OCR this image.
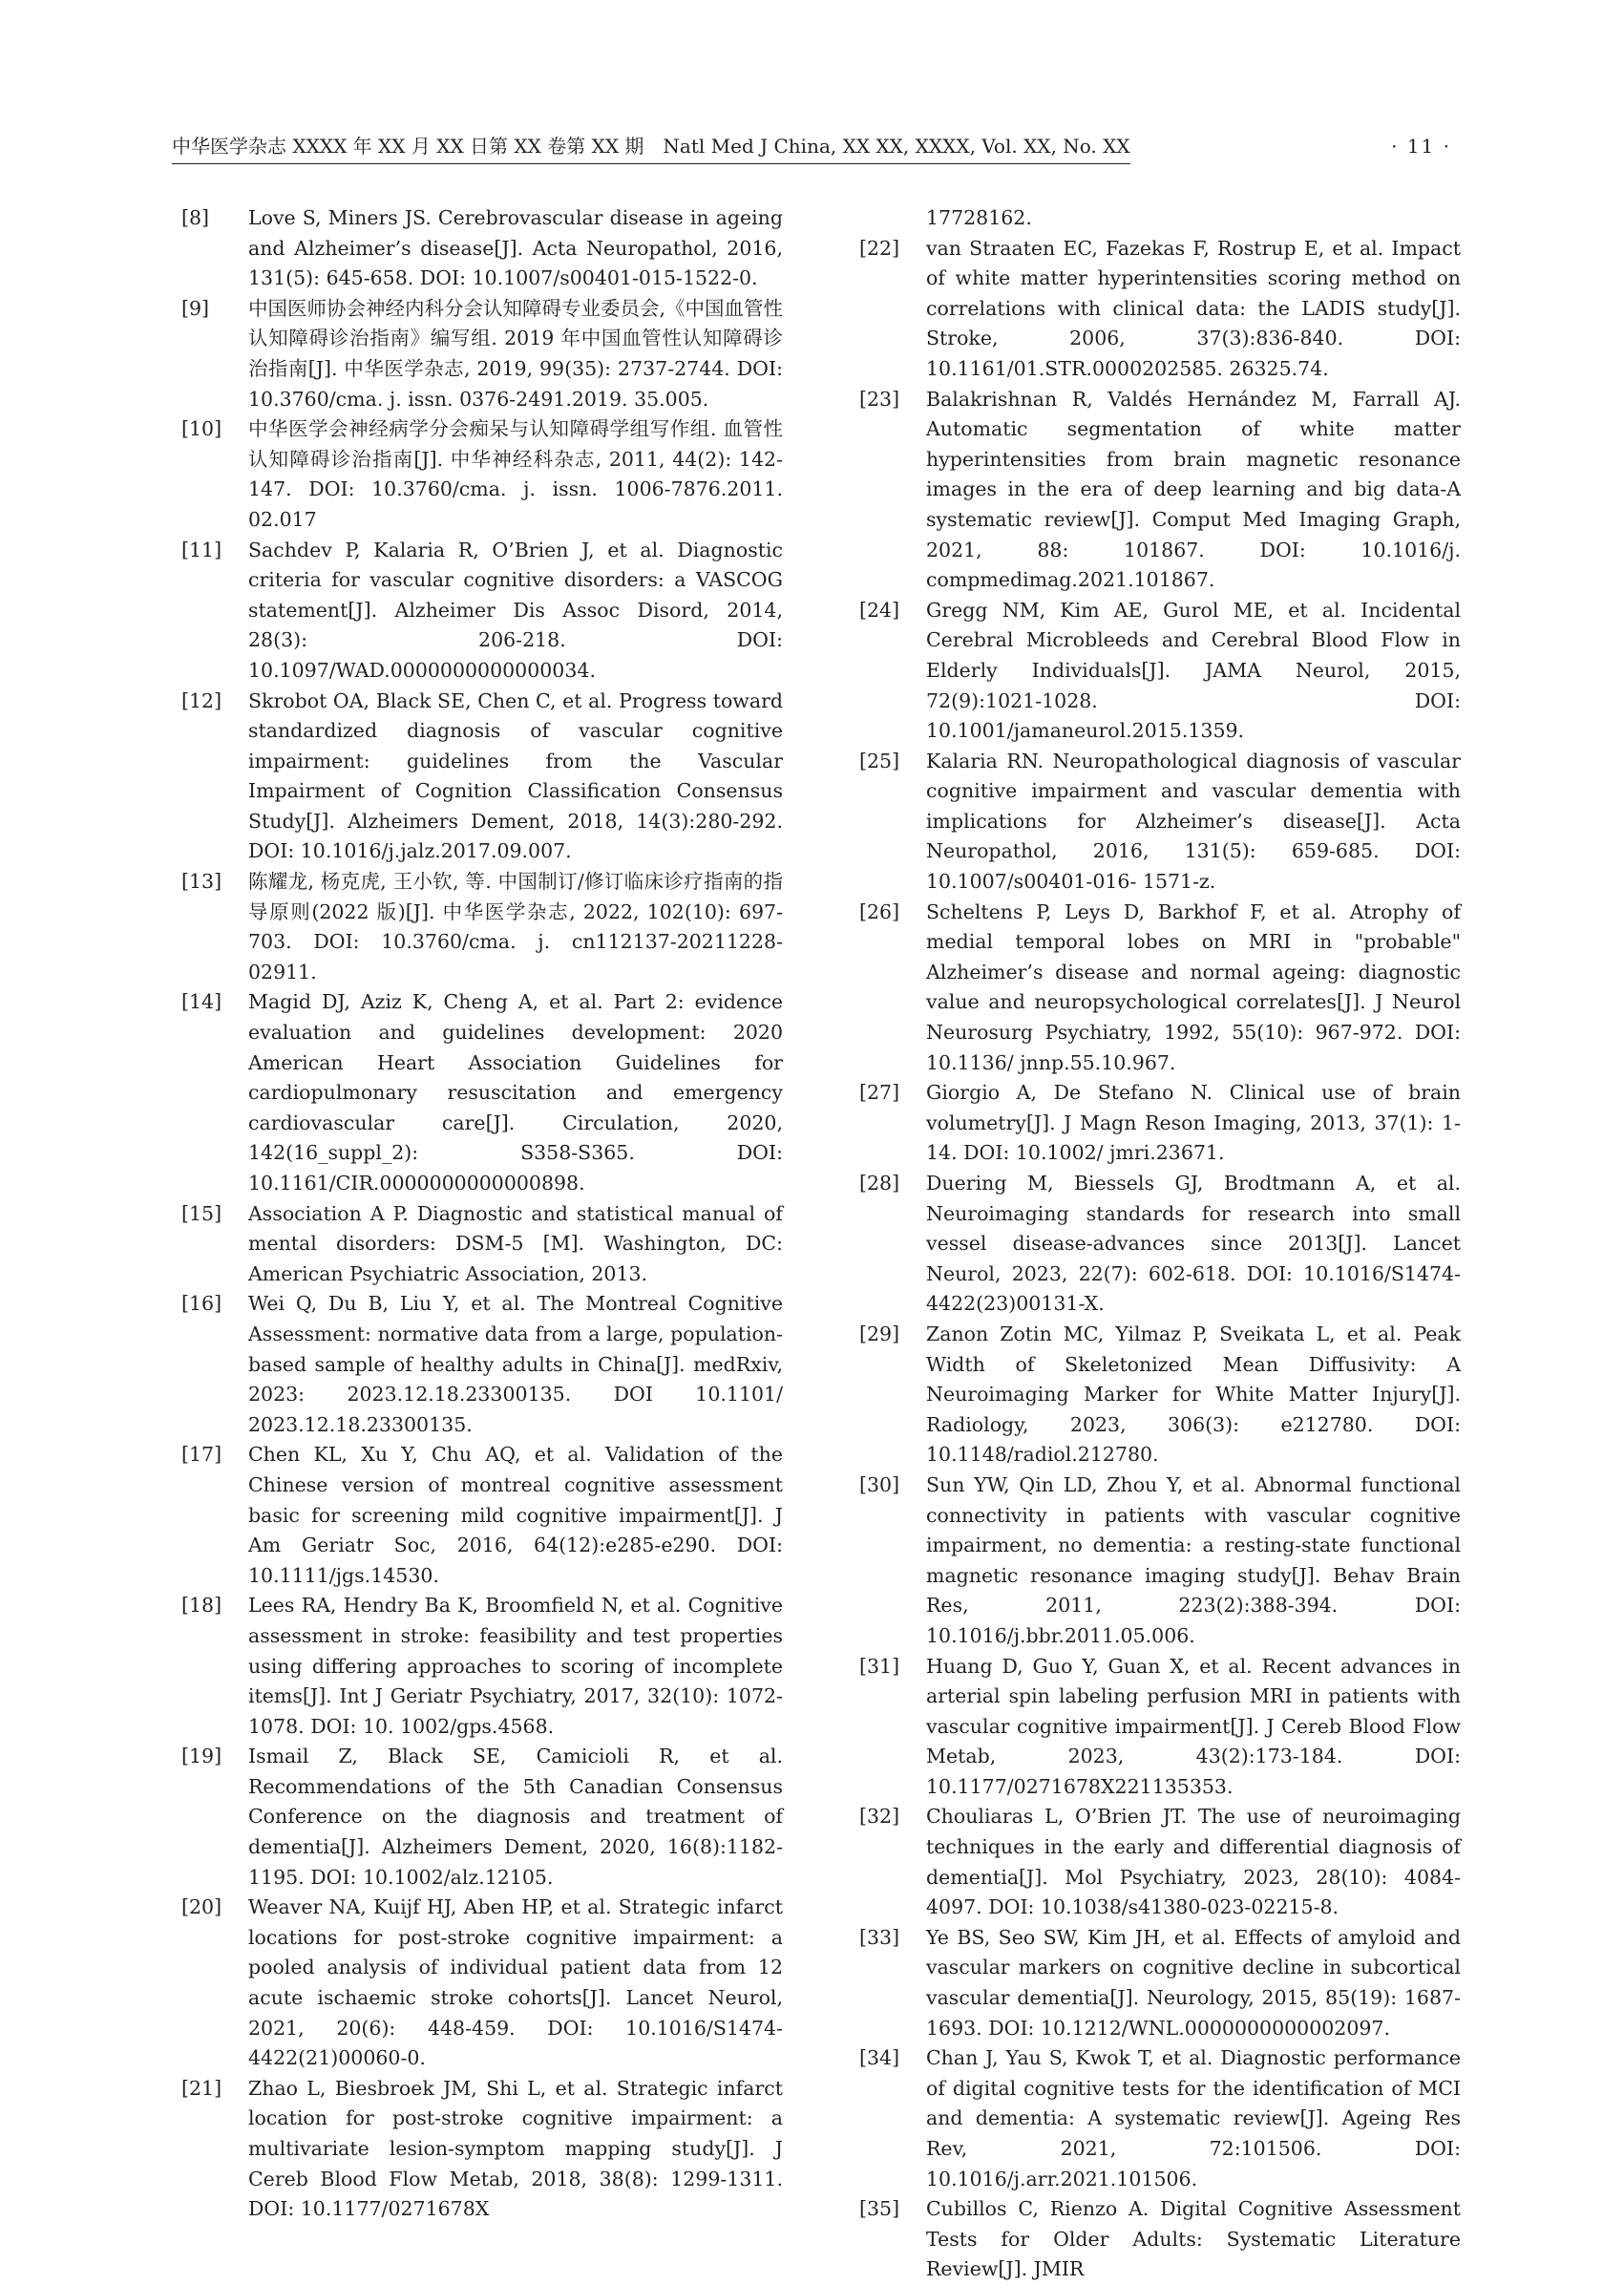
中华医学杂志 XXXX 年 XX 月 XX 日第 XX 卷第 XX 期　Natl Med J China, XX XX, XXXX, Vol. XX, No. XX	· 11 ·
[8] Love S, Miners JS. Cerebrovascular disease in ageing and Alzheimer’s disease[J]. Acta Neuropathol, 2016, 131(5): 645-658. DOI: 10.1007/s00401-015-1522-0.
[9] 中国医师协会神经内科分会认知障碍专业委员会,《中国血管性认知障碍诊治指南》编写组. 2019 年中国血管性认知障碍诊治指南[J]. 中华医学杂志, 2019, 99(35): 2737-2744. DOI: 10.3760/cma. j. issn. 0376-2491.2019. 35.005.
[10] 中华医学会神经病学分会痴呆与认知障碍学组写作组. 血管性认知障碍诊治指南[J]. 中华神经科杂志, 2011, 44(2): 142-147. DOI: 10.3760/cma. j. issn. 1006-7876.2011. 02.017
[11] Sachdev P, Kalaria R, O’Brien J, et al. Diagnostic criteria for vascular cognitive disorders: a VASCOG statement[J]. Alzheimer Dis Assoc Disord, 2014, 28(3): 206-218. DOI: 10.1097/WAD.0000000000000034.
[12] Skrobot OA, Black SE, Chen C, et al. Progress toward standardized diagnosis of vascular cognitive impairment: guidelines from the Vascular Impairment of Cognition Classification Consensus Study[J]. Alzheimers Dement, 2018, 14(3):280-292. DOI: 10.1016/j.jalz.2017.09.007.
[13] 陈耀龙, 杨克虎, 王小钦, 等. 中国制订/修订临床诊疗指南的指导原则(2022 版)[J]. 中华医学杂志, 2022, 102(10): 697-703. DOI: 10.3760/cma. j. cn112137-20211228-02911.
[14] Magid DJ, Aziz K, Cheng A, et al. Part 2: evidence evaluation and guidelines development: 2020 American Heart Association Guidelines for cardiopulmonary resuscitation and emergency cardiovascular care[J]. Circulation, 2020, 142(16_suppl_2): S358-S365. DOI: 10.1161/CIR.0000000000000898.
[15] Association A P. Diagnostic and statistical manual of mental disorders: DSM-5 [M]. Washington, DC: American Psychiatric Association, 2013.
[16] Wei Q, Du B, Liu Y, et al. The Montreal Cognitive Assessment: normative data from a large, population-based sample of healthy adults in China[J]. medRxiv, 2023: 2023.12.18.23300135. DOI 10.1101/ 2023.12.18.23300135.
[17] Chen KL, Xu Y, Chu AQ, et al. Validation of the Chinese version of montreal cognitive assessment basic for screening mild cognitive impairment[J]. J Am Geriatr Soc, 2016, 64(12):e285-e290. DOI: 10.1111/jgs.14530.
[18] Lees RA, Hendry Ba K, Broomfield N, et al. Cognitive assessment in stroke: feasibility and test properties using differing approaches to scoring of incomplete items[J]. Int J Geriatr Psychiatry, 2017, 32(10): 1072-1078. DOI: 10. 1002/gps.4568.
[19] Ismail Z, Black SE, Camicioli R, et al. Recommendations of the 5th Canadian Consensus Conference on the diagnosis and treatment of dementia[J]. Alzheimers Dement, 2020, 16(8):1182-1195. DOI: 10.1002/alz.12105.
[20] Weaver NA, Kuijf HJ, Aben HP, et al. Strategic infarct locations for post-stroke cognitive impairment: a pooled analysis of individual patient data from 12 acute ischaemic stroke cohorts[J]. Lancet Neurol, 2021, 20(6): 448-459. DOI: 10.1016/S1474-4422(21)00060-0.
[21] Zhao L, Biesbroek JM, Shi L, et al. Strategic infarct location for post-stroke cognitive impairment: a multivariate lesion-symptom mapping study[J]. J Cereb Blood Flow Metab, 2018, 38(8): 1299-1311. DOI: 10.1177/0271678X
17728162.
[22] van Straaten EC, Fazekas F, Rostrup E, et al. Impact of white matter hyperintensities scoring method on correlations with clinical data: the LADIS study[J]. Stroke, 2006, 37(3):836-840. DOI: 10.1161/01.STR.0000202585. 26325.74.
[23] Balakrishnan R, Valdés Hernández M, Farrall AJ. Automatic segmentation of white matter hyperintensities from brain magnetic resonance images in the era of deep learning and big data-A systematic review[J]. Comput Med Imaging Graph, 2021, 88: 101867. DOI: 10.1016/j. compmedimag.2021.101867.
[24] Gregg NM, Kim AE, Gurol ME, et al. Incidental Cerebral Microbleeds and Cerebral Blood Flow in Elderly Individuals[J]. JAMA Neurol, 2015, 72(9):1021-1028. DOI: 10.1001/jamaneurol.2015.1359.
[25] Kalaria RN. Neuropathological diagnosis of vascular cognitive impairment and vascular dementia with implications for Alzheimer’s disease[J]. Acta Neuropathol, 2016, 131(5): 659-685. DOI: 10.1007/s00401-016- 1571-z.
[26] Scheltens P, Leys D, Barkhof F, et al. Atrophy of medial temporal lobes on MRI in "probable" Alzheimer’s disease and normal ageing: diagnostic value and neuropsychological correlates[J]. J Neurol Neurosurg Psychiatry, 1992, 55(10): 967-972. DOI: 10.1136/ jnnp.55.10.967.
[27] Giorgio A, De Stefano N. Clinical use of brain volumetry[J]. J Magn Reson Imaging, 2013, 37(1): 1-14. DOI: 10.1002/ jmri.23671.
[28] Duering M, Biessels GJ, Brodtmann A, et al. Neuroimaging standards for research into small vessel disease-advances since 2013[J]. Lancet Neurol, 2023, 22(7): 602-618. DOI: 10.1016/S1474-4422(23)00131-X.
[29] Zanon Zotin MC, Yilmaz P, Sveikata L, et al. Peak Width of Skeletonized Mean Diffusivity: A Neuroimaging Marker for White Matter Injury[J]. Radiology, 2023, 306(3): e212780. DOI: 10.1148/radiol.212780.
[30] Sun YW, Qin LD, Zhou Y, et al. Abnormal functional connectivity in patients with vascular cognitive impairment, no dementia: a resting-state functional magnetic resonance imaging study[J]. Behav Brain Res, 2011, 223(2):388-394. DOI: 10.1016/j.bbr.2011.05.006.
[31] Huang D, Guo Y, Guan X, et al. Recent advances in arterial spin labeling perfusion MRI in patients with vascular cognitive impairment[J]. J Cereb Blood Flow Metab, 2023, 43(2):173-184. DOI: 10.1177/0271678X221135353.
[32] Chouliaras L, O’Brien JT. The use of neuroimaging techniques in the early and differential diagnosis of dementia[J]. Mol Psychiatry, 2023, 28(10): 4084-4097. DOI: 10.1038/s41380-023-02215-8.
[33] Ye BS, Seo SW, Kim JH, et al. Effects of amyloid and vascular markers on cognitive decline in subcortical vascular dementia[J]. Neurology, 2015, 85(19): 1687-1693. DOI: 10.1212/WNL.0000000000002097.
[34] Chan J, Yau S, Kwok T, et al. Diagnostic performance of digital cognitive tests for the identification of MCI and dementia: A systematic review[J]. Ageing Res Rev, 2021, 72:101506. DOI: 10.1016/j.arr.2021.101506.
[35] Cubillos C, Rienzo A. Digital Cognitive Assessment Tests for Older Adults: Systematic Literature Review[J]. JMIR
